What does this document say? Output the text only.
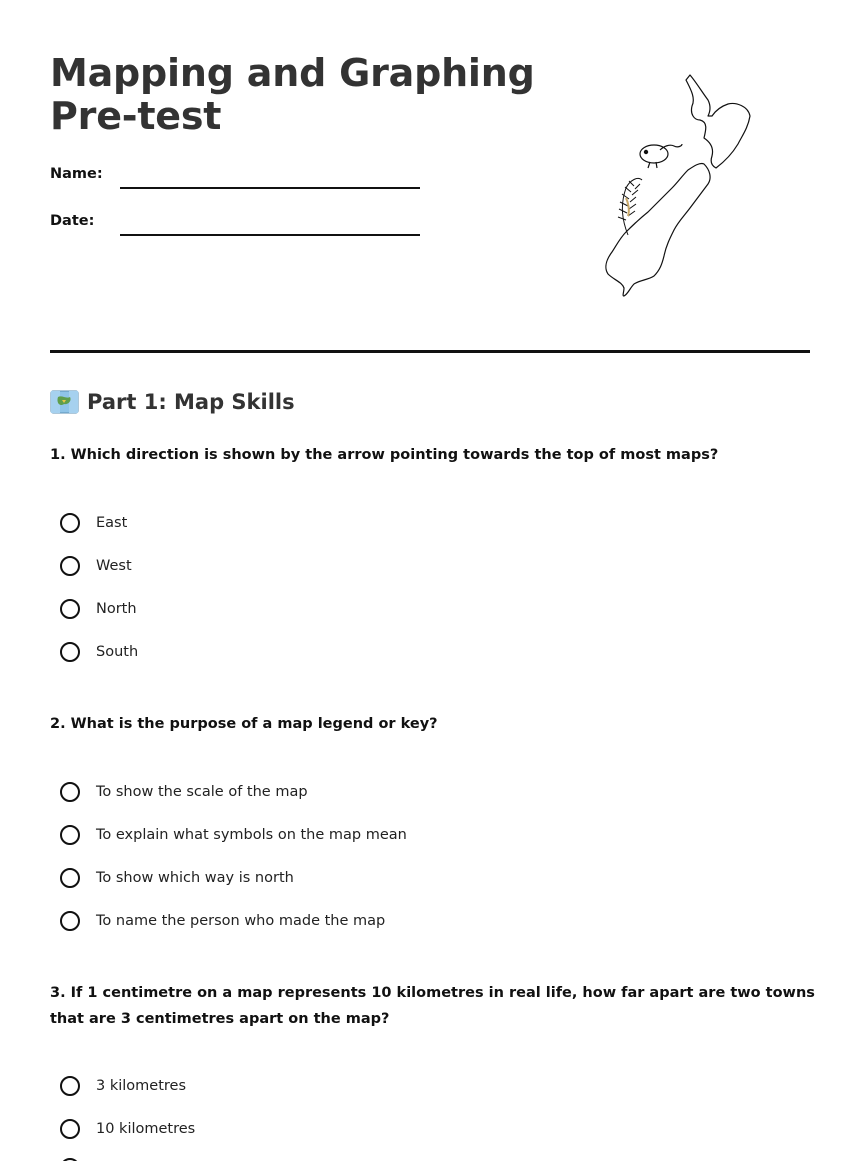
Mapping and Graphing
Pre-test
Name:
Date:
Part 1: Map Skills

1. Which direction is shown by the arrow pointing towards the top of most maps?

East
West
North
South

2. What is the purpose of a map legend or key?

To show the scale of the map
To explain what symbols on the map mean
To show which way is north
To name the person who made the map

3. If 1 centimetre on a map represents 10 kilometres in real life, how far apart are two towns that are 3 centimetres apart on the map?

3 kilometres
10 kilometres
